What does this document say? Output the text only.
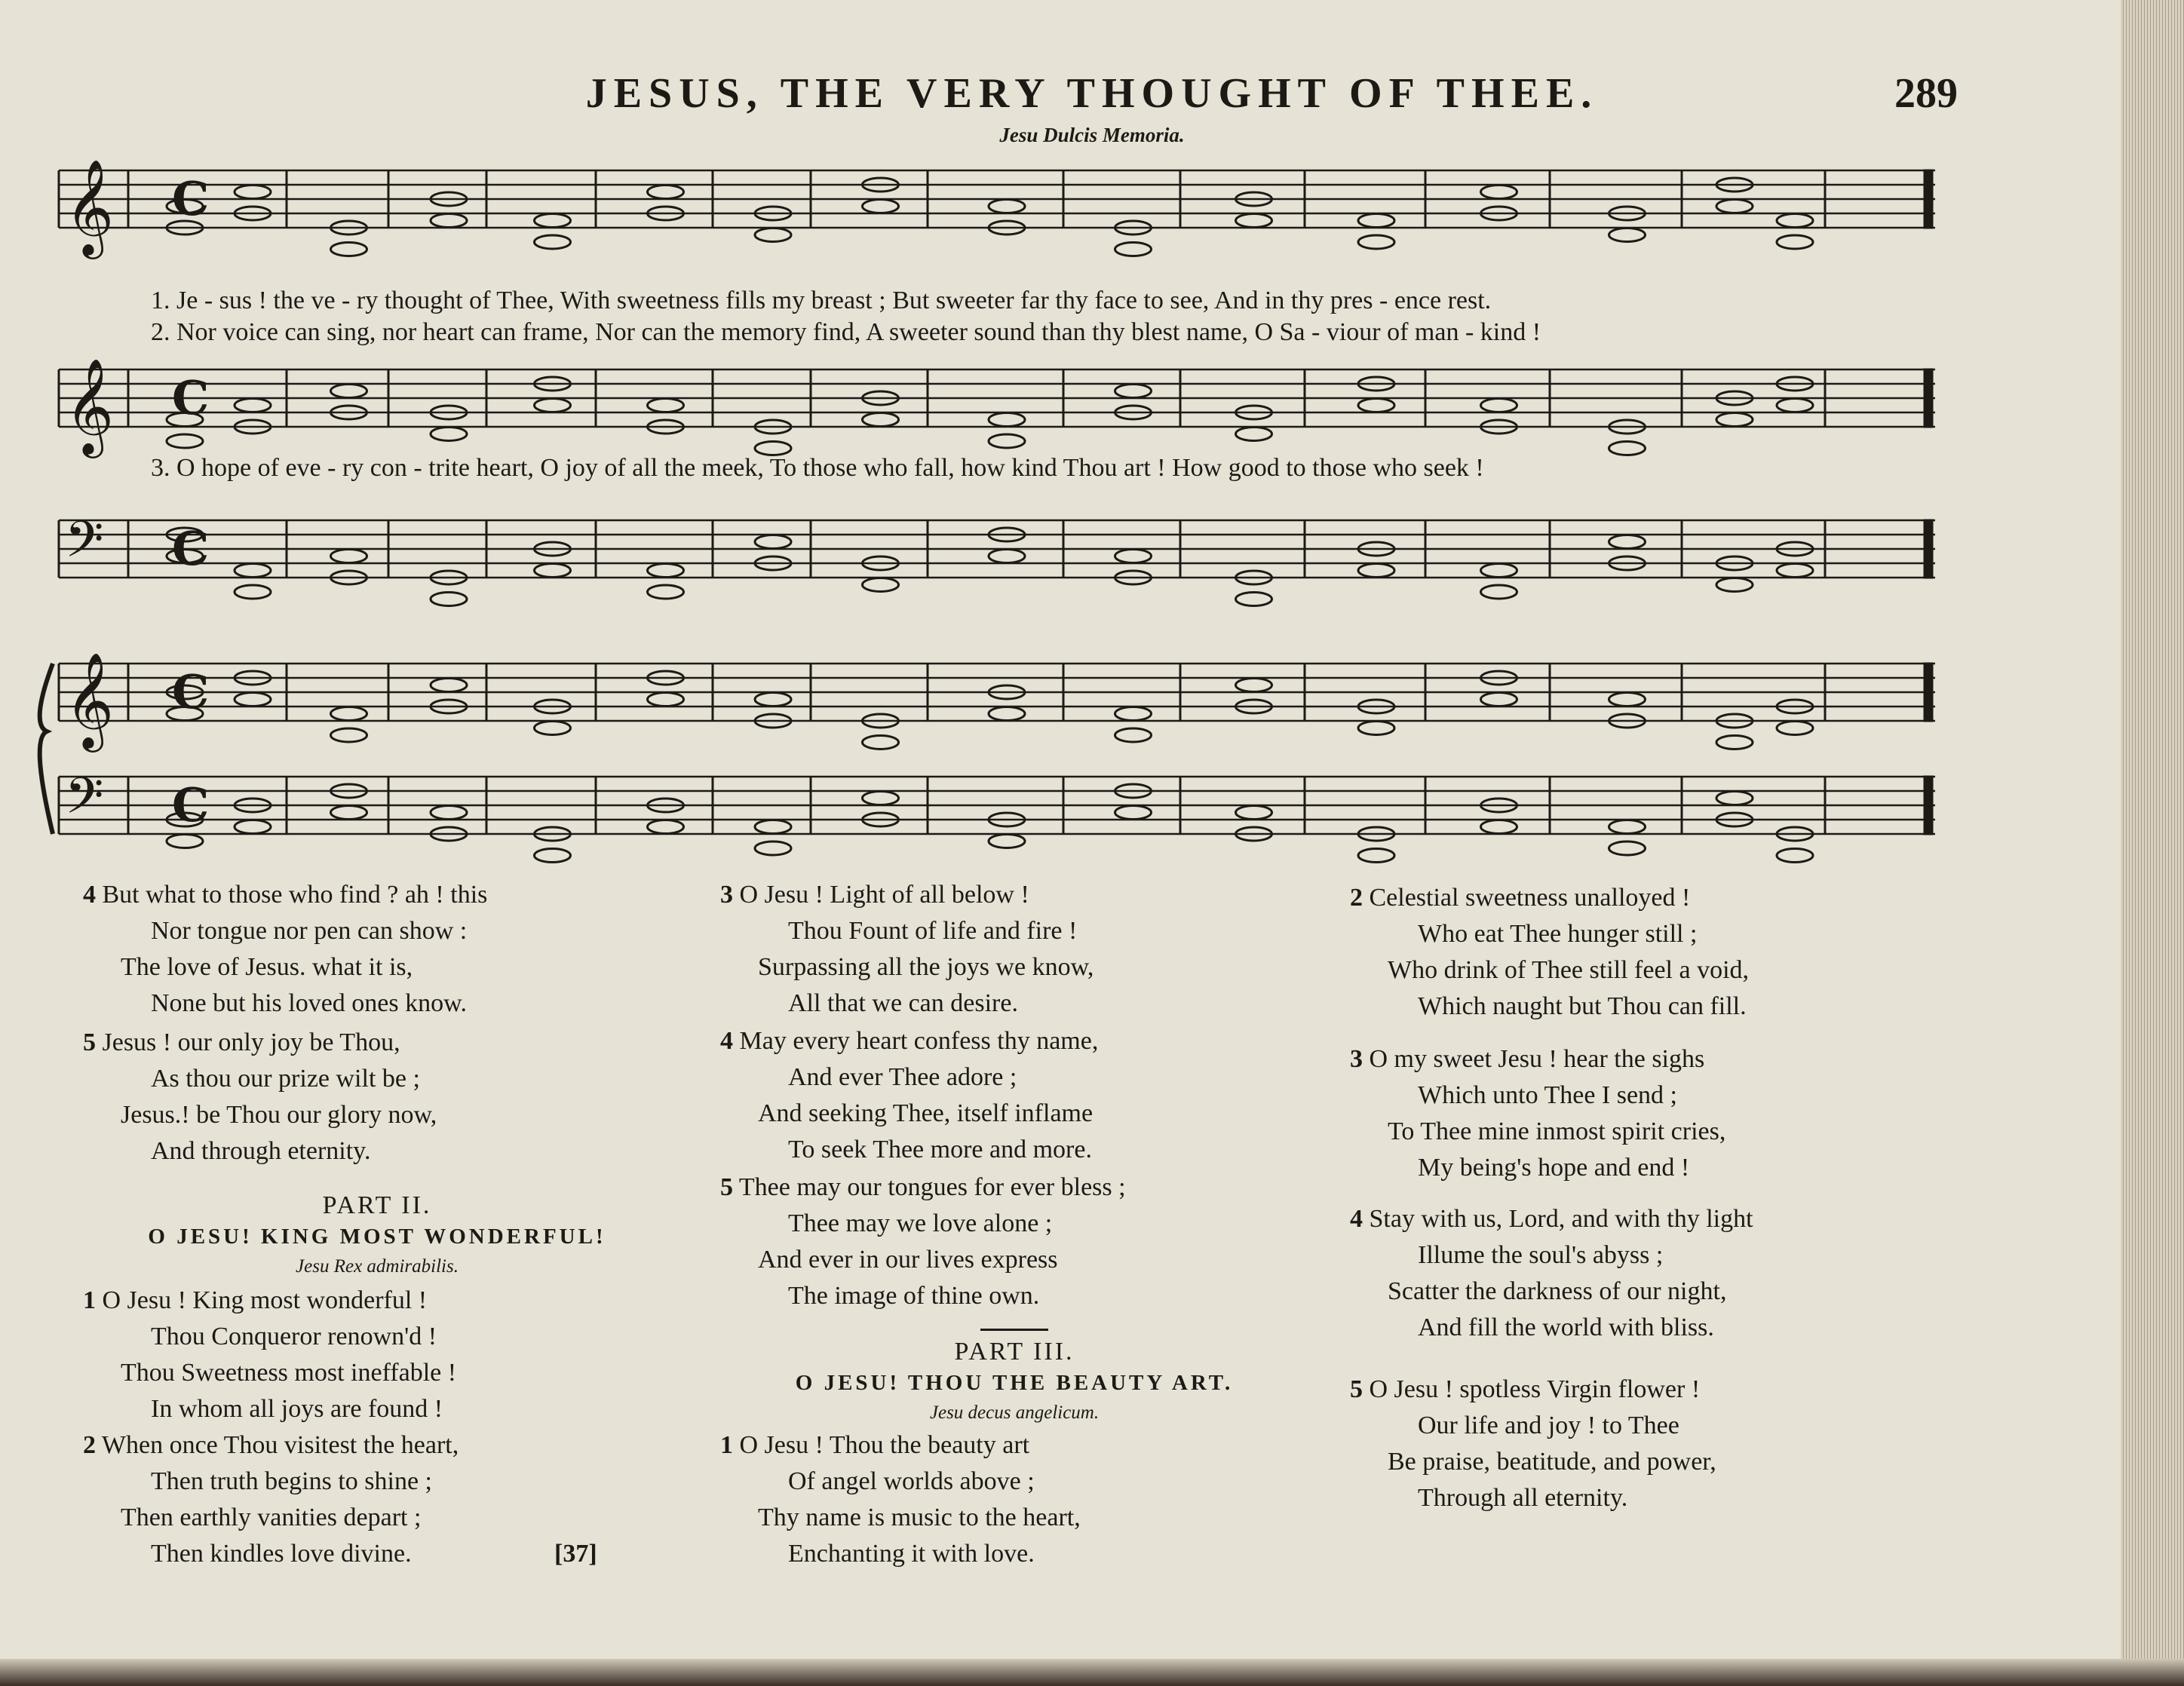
JESUS, THE VERY THOUGHT OF THEE.	289
Jesu Dulcis Memoria.
𝄞 C
𝄞 C
𝄢 C
𝄞 C
𝄢 C
1. Je - sus ! the ve - ry thought of Thee, With sweetness fills my breast ; But sweeter far thy face to see, And in thy pres - ence rest.
2. Nor voice can sing, nor heart can frame, Nor can the memory find, A sweeter sound than thy blest name, O Sa - viour of man - kind !
3. O hope of eve - ry con - trite heart, O joy of all the meek, To those who fall, how kind Thou art ! How good to those who seek !
4 But what to those who find ? ah ! this
Nor tongue nor pen can show :
The love of Jesus. what it is,
None but his loved ones know.
5 Jesus ! our only joy be Thou,
As thou our prize wilt be ;
Jesus.! be Thou our glory now,
And through eternity.
PART II.
O JESU! KING MOST WONDERFUL!
Jesu Rex admirabilis.
1 O Jesu ! King most wonderful !
Thou Conqueror renown'd !
Thou Sweetness most ineffable !
In whom all joys are found !
2 When once Thou visitest the heart,
Then truth begins to shine ;
Then earthly vanities depart ;
Then kindles love divine.	[37]
3 O Jesu ! Light of all below !
Thou Fount of life and fire !
Surpassing all the joys we know,
All that we can desire.
4 May every heart confess thy name,
And ever Thee adore ;
And seeking Thee, itself inflame
To seek Thee more and more.
5 Thee may our tongues for ever bless ;
Thee may we love alone ;
And ever in our lives express
The image of thine own.
PART III.
O JESU! THOU THE BEAUTY ART.
Jesu decus angelicum.
1 O Jesu ! Thou the beauty art
Of angel worlds above ;
Thy name is music to the heart,
Enchanting it with love.
2 Celestial sweetness unalloyed !
Who eat Thee hunger still ;
Who drink of Thee still feel a void,
Which naught but Thou can fill.
3 O my sweet Jesu ! hear the sighs
Which unto Thee I send ;
To Thee mine inmost spirit cries,
My being's hope and end !
4 Stay with us, Lord, and with thy light
Illume the soul's abyss ;
Scatter the darkness of our night,
And fill the world with bliss.
5 O Jesu ! spotless Virgin flower !
Our life and joy ! to Thee
Be praise, beatitude, and power,
Through all eternity.
